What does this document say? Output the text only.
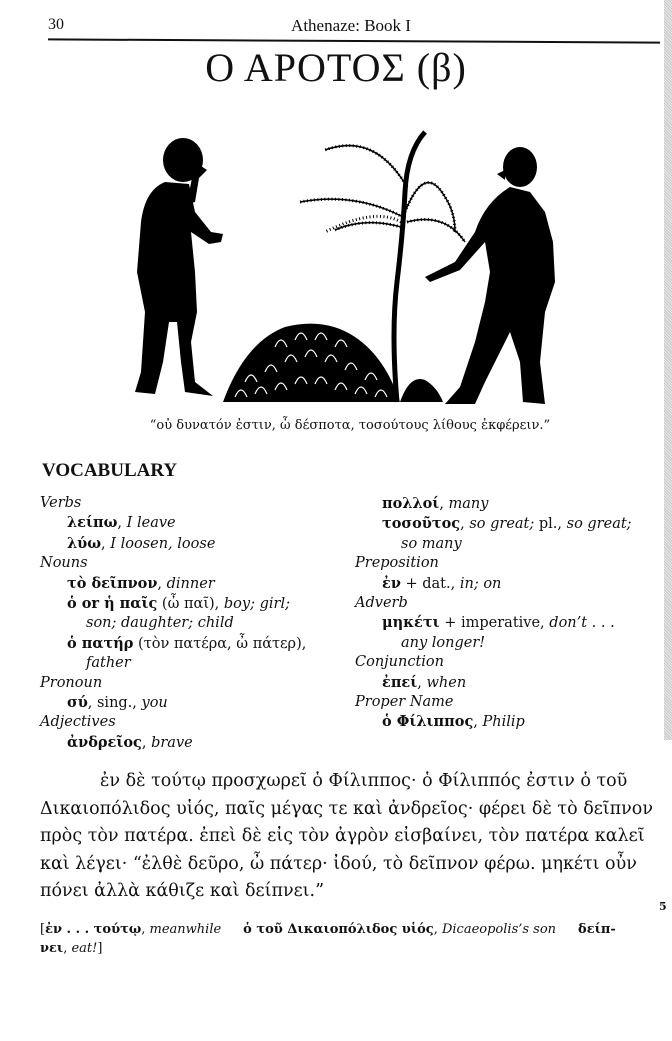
30	Athenaze: Book I
Ο ΑΡΟΤΟΣ (β)
“οὐ δυνατόν ἐστιν, ὦ δέσποτα, τοσούτους λίθους ἐκφέρειν.”
VOCABULARY
Verbs
λείπω, I leave
λύω, I loosen, loose
Nouns
τὸ δεῖπνον, dinner
ὁ or ἡ παῖς (ὦ παῖ), boy; girl;
son; daughter; child
ὁ πατήρ (τὸν πατέρα, ὦ πάτερ),
father
Pronoun
σύ, sing., you
Adjectives
ἀνδρεῖος, brave
πολλοί, many
τοσοῦτος, so great; pl., so great;
so many
Preposition
ἐν + dat., in; on
Adverb
μηκέτι + imperative, don’t . . .
any longer!
Conjunction
ἐπεί, when
Proper Name
ὁ Φίλιππος, Philip
ἐν δὲ τούτῳ προσχωρεῖ ὁ Φίλιππος· ὁ Φίλιππός ἐστιν ὁ τοῦ
Δικαιοπόλιδος υἱός, παῖς μέγας τε καὶ ἀνδρεῖος· φέρει δὲ τὸ δεῖπνον
πρὸς τὸν πατέρα. ἐπεὶ δὲ εἰς τὸν ἀγρὸν εἰσβαίνει, τὸν πατέρα καλεῖ
καὶ λέγει· “ἐλθὲ δεῦρο, ὦ πάτερ· ἰδού, τὸ δεῖπνον φέρω. μηκέτι οὖν
πόνει ἀλλὰ κάθιζε καὶ δείπνει.”
5
[ἐν . . . τούτῳ, meanwhile ὁ τοῦ Δικαιοπόλιδος υἱός, Dicaeopolis’s son δείπ-
νει, eat!]
